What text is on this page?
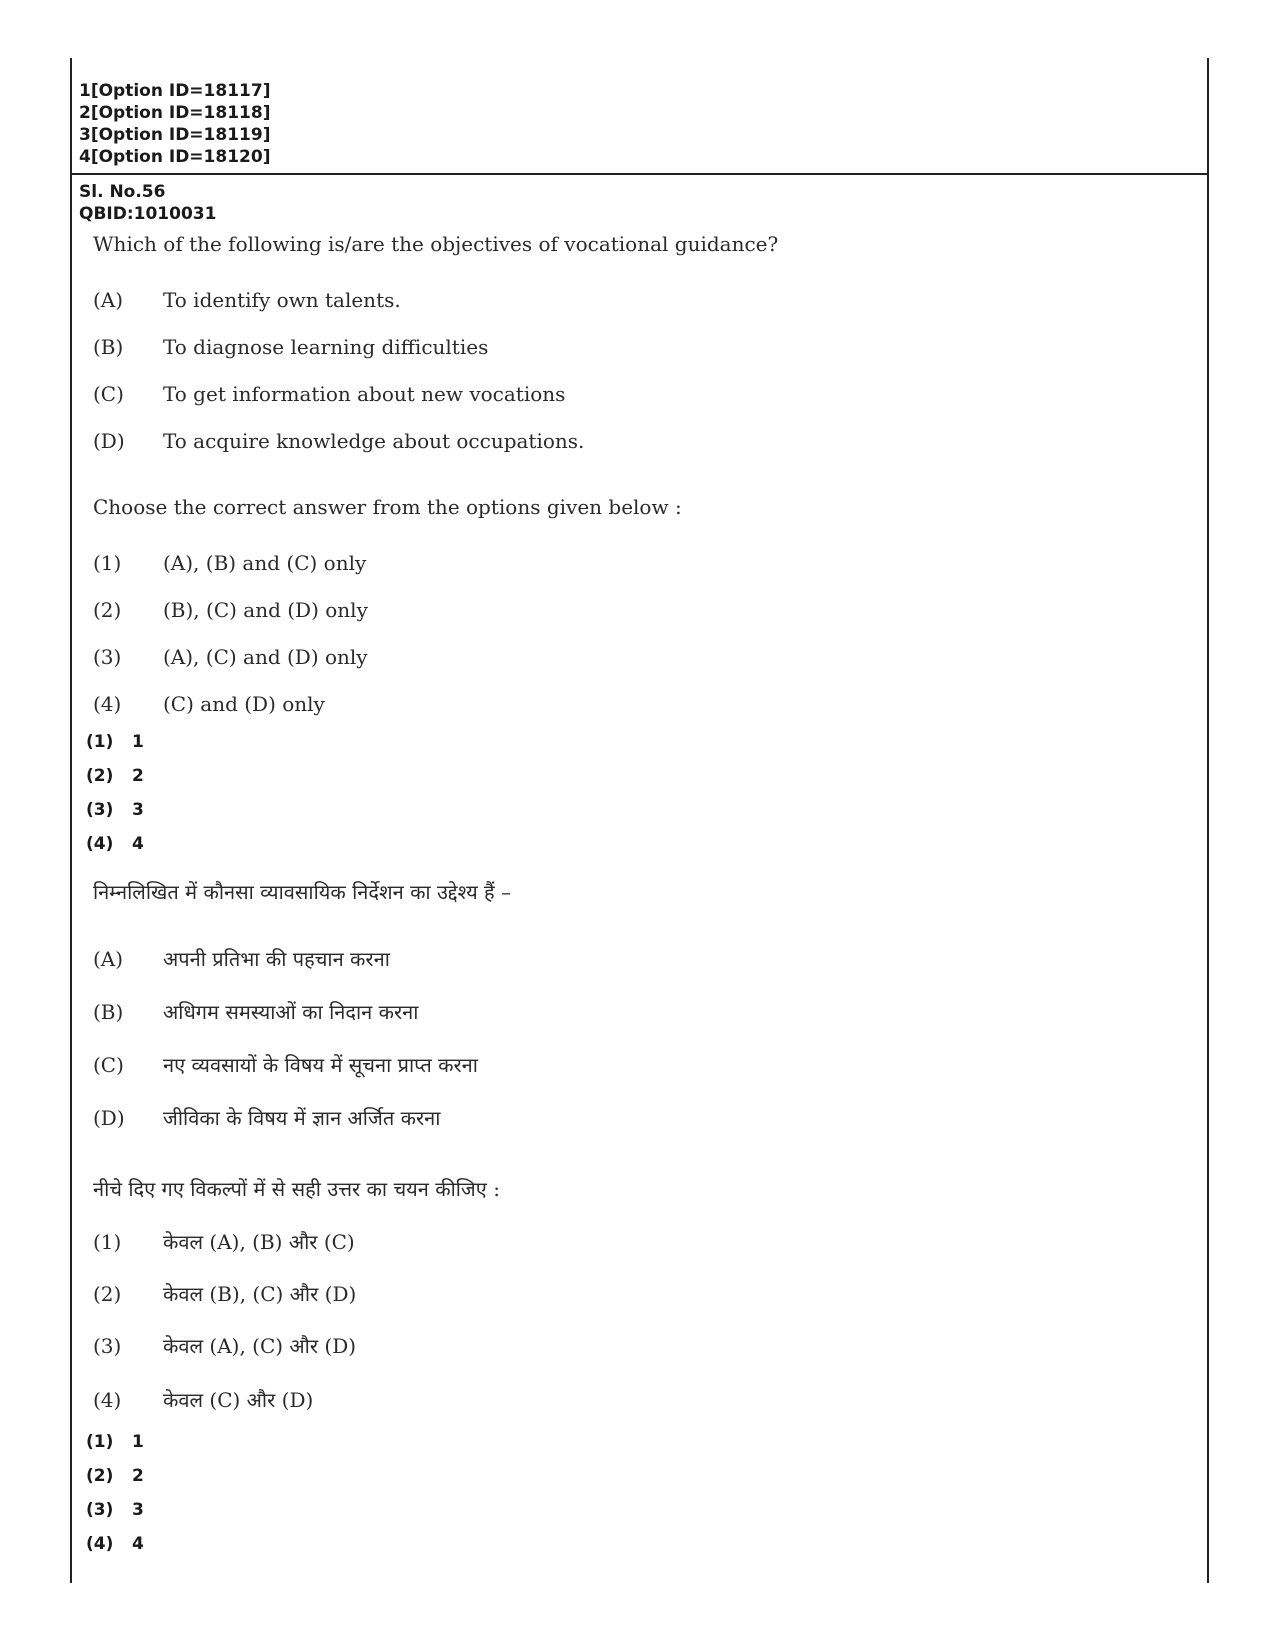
1[Option ID=18117]
2[Option ID=18118]
3[Option ID=18119]
4[Option ID=18120]
Sl. No.56
QBID:1010031
Which of the following is/are the objectives of vocational guidance?
(A) To identify own talents.
(B) To diagnose learning difficulties
(C) To get information about new vocations
(D) To acquire knowledge about occupations.
Choose the correct answer from the options given below :
(1) (A), (B) and (C) only
(2) (B), (C) and (D) only
(3) (A), (C) and (D) only
(4) (C) and (D) only
(1) 1
(2) 2
(3) 3
(4) 4
निम्नलिखित में कौनसा व्यावसायिक निर्देशन का उद्देश्य हैं –
(A) अपनी प्रतिभा की पहचान करना
(B) अधिगम समस्याओं का निदान करना
(C) नए व्यवसायों के विषय में सूचना प्राप्त करना
(D) जीविका के विषय में ज्ञान अर्जित करना
नीचे दिए गए विकल्पों में से सही उत्तर का चयन कीजिए :
(1) केवल (A), (B) और (C)
(2) केवल (B), (C) और (D)
(3) केवल (A), (C) और (D)
(4) केवल (C) और (D)
(1) 1
(2) 2
(3) 3
(4) 4
